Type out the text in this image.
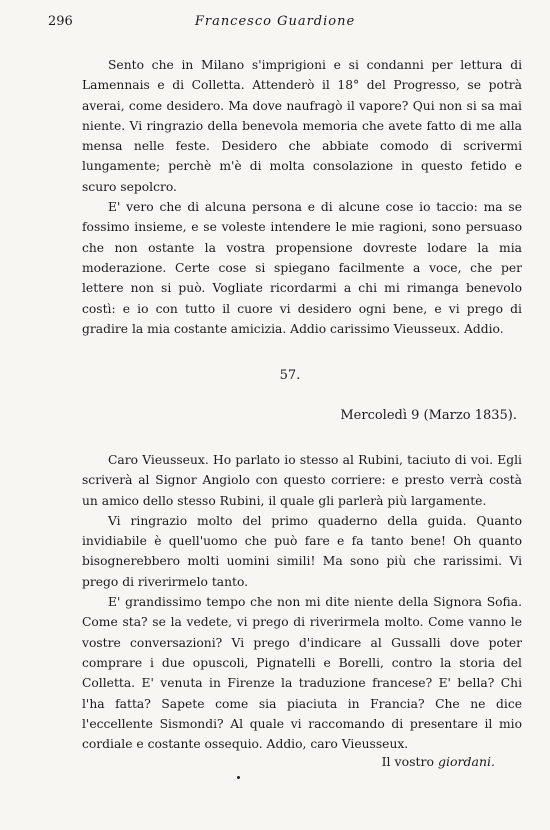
296	Francesco Guardione

Sento che in Milano s'imprigioni e si condanni per lettura di Lamennais e di Colletta. Attenderò il 18° del Progresso, se potrà averai, come desidero. Ma dove naufragò il vapore? Qui non si sa mai niente. Vi ringrazio della benevola memoria che avete fatto di me alla mensa nelle feste. Desidero che abbiate comodo di scrivermi lungamente; perchè m'è di molta consolazione in questo fetido e scuro sepolcro.

E' vero che di alcuna persona e di alcune cose io taccio: ma se fossimo insieme, e se voleste intendere le mie ragioni, sono persuaso che non ostante la vostra propensione dovreste lodare la mia moderazione. Certe cose si spiegano facilmente a voce, che per lettere non si può. Vogliate ricordarmi a chi mi rimanga benevolo costì: e io con tutto il cuore vi desidero ogni bene, e vi prego di gradire la mia costante amicizia. Addio carissimo Vieusseux. Addio.

57.
Mercoledì 9 (Marzo 1835).

Caro Vieusseux. Ho parlato io stesso al Rubini, taciuto di voi. Egli scriverà al Signor Angiolo con questo corriere: e presto verrà costà un amico dello stesso Rubini, il quale gli parlerà più largamente.

Vi ringrazio molto del primo quaderno della guida. Quanto invidiabile è quell'uomo che può fare e fa tanto bene! Oh quanto bisognerebbero molti uomini simili! Ma sono più che rarissimi. Vi prego di riverirmelo tanto.

E' grandissimo tempo che non mi dite niente della Signora Sofia. Come sta? se la vedete, vi prego di riverirmela molto. Come vanno le vostre conversazioni? Vi prego d'indicare al Gussalli dove poter comprare i due opuscoli, Pignatelli e Borelli, contro la storia del Colletta. E' venuta in Firenze la traduzione francese? E' bella? Chi l'ha fatta? Sapete come sia piaciuta in Francia? Che ne dice l'eccellente Sismondi? Al quale vi raccomando di presentare il mio cordiale e costante ossequio. Addio, caro Vieusseux.

Il vostro giordani.
